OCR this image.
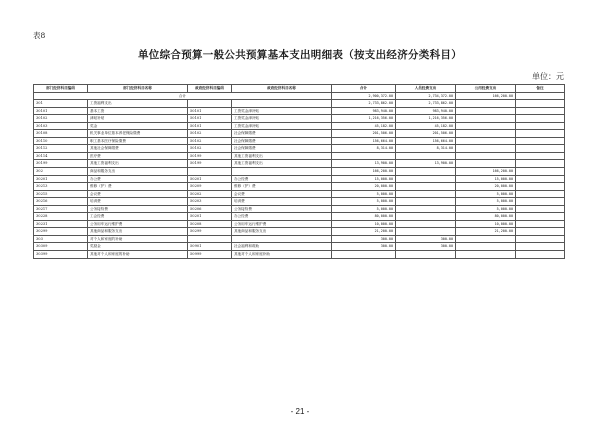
表8
单位综合预算一般公共预算基本支出明细表（按支出经济分类科目）
单位：元
部门经济科目编码	部门经济科目名称	政府经济科目编码	政府经济科目名称	合计	人员经费支出	公用经费支出	备注
合计				2,900,372.00	2,734,372.00	166,200.00	
301	工资福利支出			2,733,862.00	2,733,862.00		
30101	基本工资	50101	工资奖金津补贴	983,940.00	983,940.00		
30102	津贴补贴	50101	工资奖金津补贴	1,216,356.00	1,216,356.00		
30103	奖金	50101	工资奖金津补贴	45,182.00	45,182.00		
30108	机关事业单位基本养老保险缴费	50102	社会保障缴费	201,506.00	201,506.00		
30110	职工基本医疗保险缴费	50102	社会保障缴费	156,664.00	156,664.00		
30112	其他社会保障缴费	50102	社会保障缴费	8,314.00	8,314.00		
30114	医疗费	50199	其他工资福利支出				
30199	其他工资福利支出	50199	其他工资福利支出	13,900.00	13,900.00		
302	商品和服务支出			166,200.00		166,200.00	
30201	办公费	50201	办公经费	15,000.00		15,000.00	
30213	维修（护）费	50209	维修（护）费	20,000.00		20,000.00	
30215	会议费	50202	会议费	5,000.00		5,000.00	
30216	培训费	50203	培训费	5,000.00		5,000.00	
30217	公务接待费	50206	公务接待费	5,000.00		5,000.00	
30228	工会经费	50201	办公经费	80,000.00		80,000.00	
30231	公务用车运行维护费	50208	公务用车运行维护费	10,000.00		10,000.00	
30299	其他商品和服务支出	50299	其他商品和服务支出	21,200.00		21,200.00	
303	对个人和家庭的补助			300.00	300.00		
30309	奖励金	50901	社会福利和救助	300.00	300.00		
30399	其他对个人和家庭的补助	50999	其他对个人和家庭补助				
- 21 -
